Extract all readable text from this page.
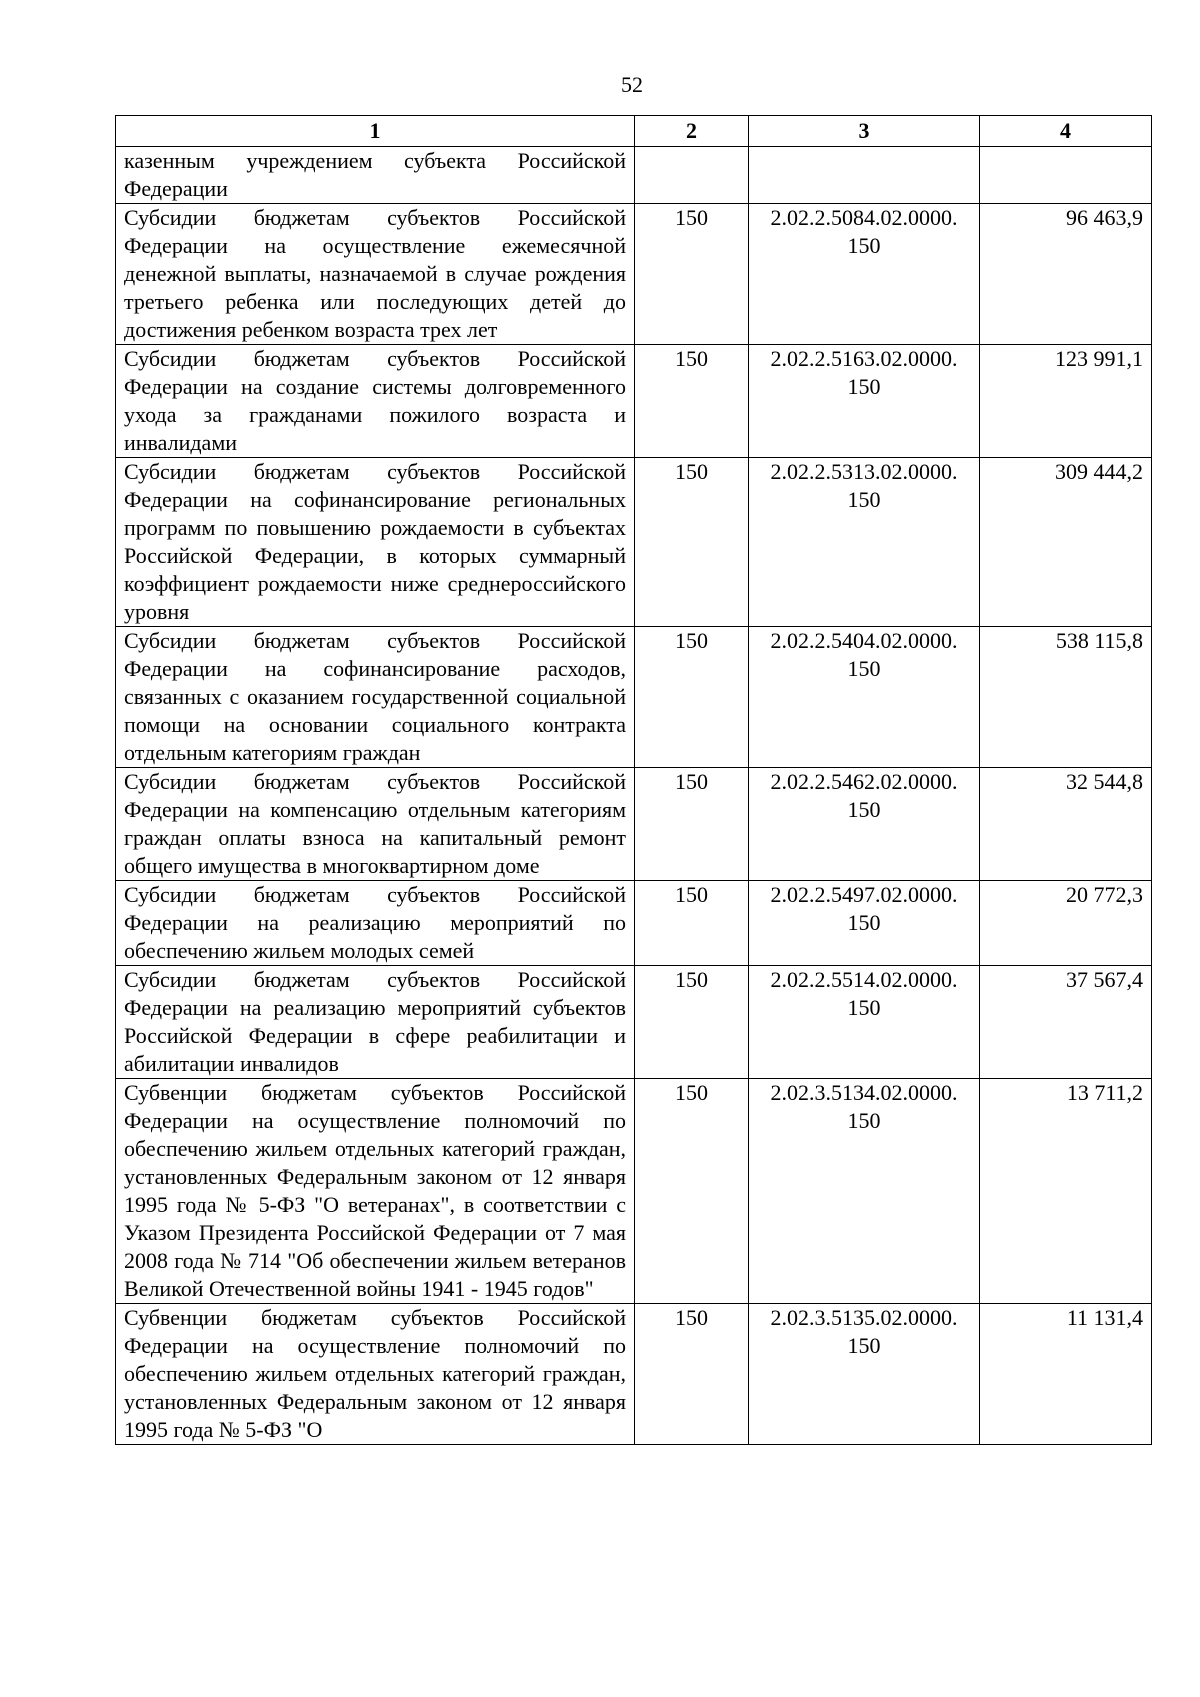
52
1	2	3	4
казенным учреждением субъекта Российской Федерации			
Субсидии бюджетам субъектов Российской Федерации на осуществление ежемесячной денежной выплаты, назначаемой в случае рождения третьего ребенка или последующих детей до достижения ребенком возраста трех лет	150	2.02.2.5084.02.0000. 150	96 463,9
Субсидии бюджетам субъектов Российской Федерации на создание системы долговременного ухода за гражданами пожилого возраста и инвалидами	150	2.02.2.5163.02.0000. 150	123 991,1
Субсидии бюджетам субъектов Российской Федерации на софинансирование региональных программ по повышению рождаемости в субъектах Российской Федерации, в которых суммарный коэффициент рождаемости ниже среднероссийского уровня	150	2.02.2.5313.02.0000. 150	309 444,2
Субсидии бюджетам субъектов Российской Федерации на софинансирование расходов, связанных с оказанием государственной социальной помощи на основании социального контракта отдельным категориям граждан	150	2.02.2.5404.02.0000. 150	538 115,8
Субсидии бюджетам субъектов Российской Федерации на компенсацию отдельным категориям граждан оплаты взноса на капитальный ремонт общего имущества в многоквартирном доме	150	2.02.2.5462.02.0000. 150	32 544,8
Субсидии бюджетам субъектов Российской Федерации на реализацию мероприятий по обеспечению жильем молодых семей	150	2.02.2.5497.02.0000. 150	20 772,3
Субсидии бюджетам субъектов Российской Федерации на реализацию мероприятий субъектов Российской Федерации в сфере реабилитации и абилитации инвалидов	150	2.02.2.5514.02.0000. 150	37 567,4
Субвенции бюджетам субъектов Российской Федерации на осуществление полномочий по обеспечению жильем отдельных категорий граждан, установленных Федеральным законом от 12 января 1995 года № 5-ФЗ "О ветеранах", в соответствии с Указом Президента Российской Федерации от 7 мая 2008 года № 714 "Об обеспечении жильем ветеранов Великой Отечественной войны 1941 - 1945 годов"	150	2.02.3.5134.02.0000. 150	13 711,2
Субвенции бюджетам субъектов Российской Федерации на осуществление полномочий по обеспечению жильем отдельных категорий граждан, установленных Федеральным законом от 12 января 1995 года № 5-ФЗ "О	150	2.02.3.5135.02.0000. 150	11 131,4
